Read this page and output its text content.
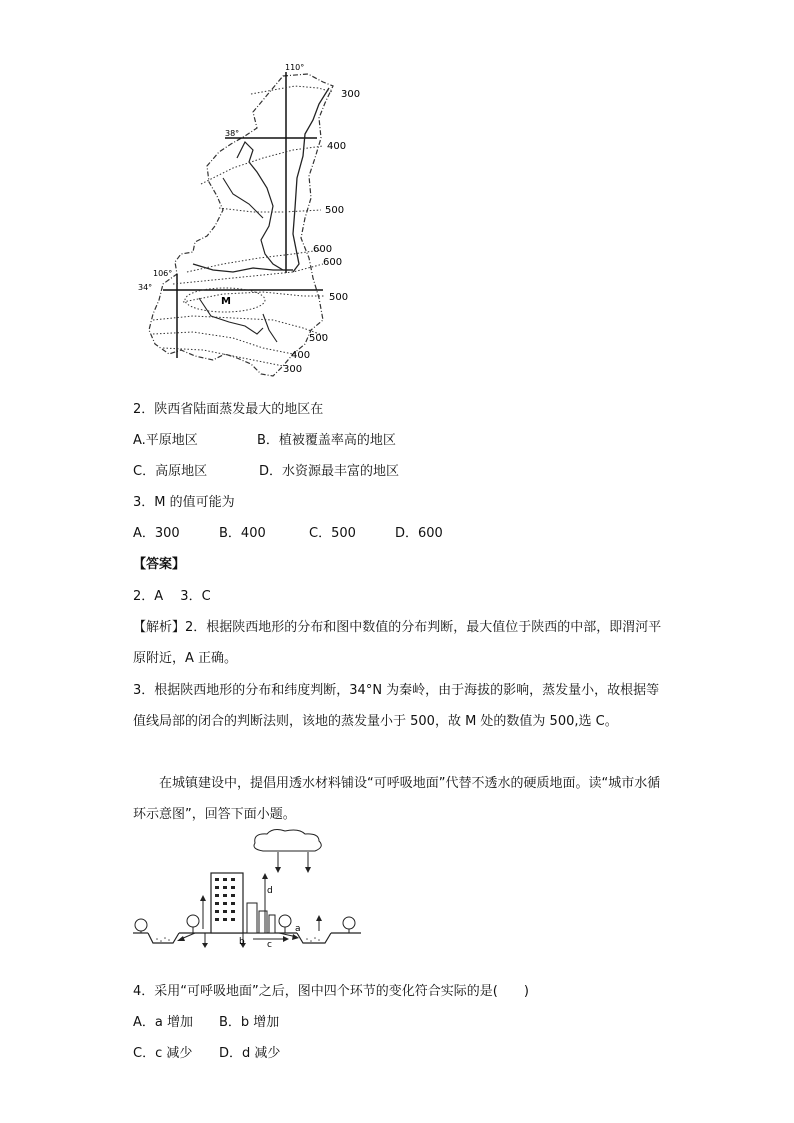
110°
38°
106°
34°
300
400
500
600
600
500
500
400
300
M
2．陕西省陆面蒸发最大的地区在
A.平原地区	B．植被覆盖率高的地区
C．高原地区	D．水资源最丰富的地区
3．M 的值可能为
A．300	B．400	C．500	D．600
【答案】
2．A　 3．C
【解析】2．根据陕西地形的分布和图中数值的分布判断，最大值位于陕西的中部，即渭河平原附近，A 正确。
3．根据陕西地形的分布和纬度判断，34°N 为秦岭，由于海拔的影响，蒸发量小，故根据等值线局部的闭合的判断法则，该地的蒸发量小于 500，故 M 处的数值为 500,选 C。
在城镇建设中，提倡用透水材料铺设“可呼吸地面”代替不透水的硬质地面。读“城市水循环示意图”，回答下面小题。
a
b c
d
4．采用“可呼吸地面”之后，图中四个环节的变化符合实际的是(　　)
A．a 增加 B．b 增加
C．c 减少 D．d 减少
